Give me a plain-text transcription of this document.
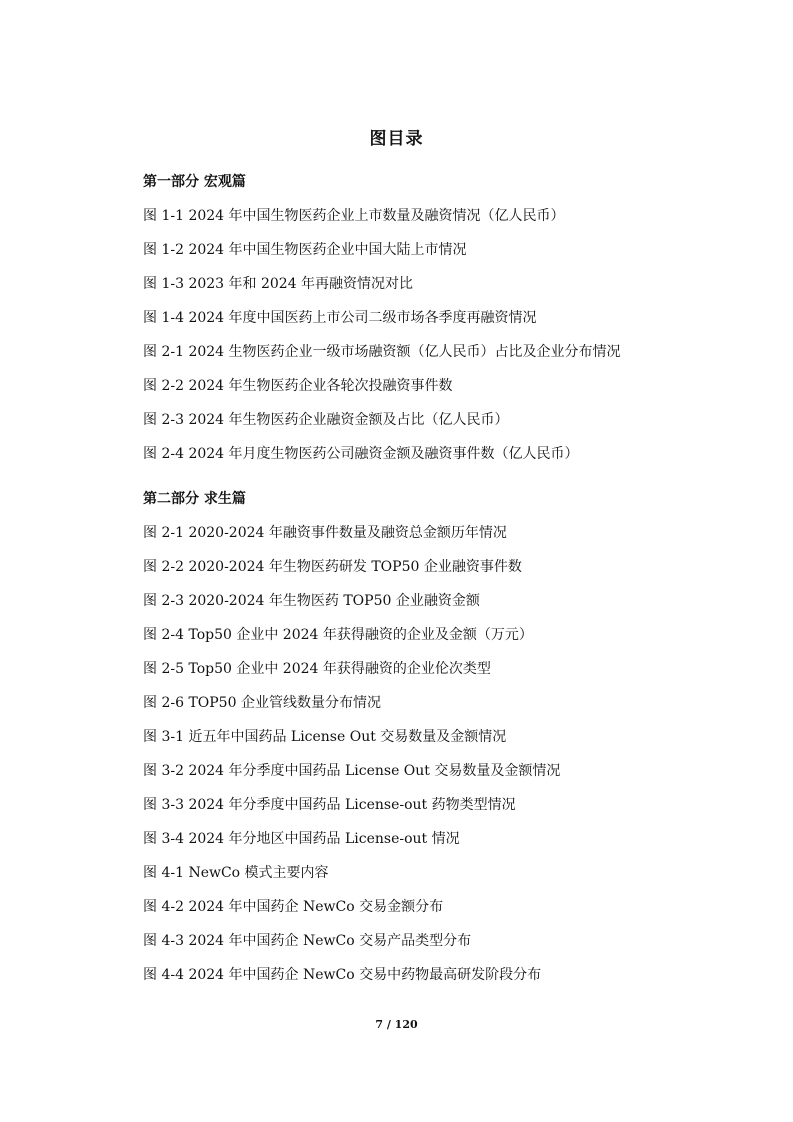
图目录
第一部分 宏观篇
图 1-1 2024 年中国生物医药企业上市数量及融资情况（亿人民币）
图 1-2 2024 年中国生物医药企业中国大陆上市情况
图 1-3 2023 年和 2024 年再融资情况对比
图 1-4 2024 年度中国医药上市公司二级市场各季度再融资情况
图 2-1 2024 生物医药企业一级市场融资额（亿人民币）占比及企业分布情况
图 2-2 2024 年生物医药企业各轮次投融资事件数
图 2-3 2024 年生物医药企业融资金额及占比（亿人民币）
图 2-4 2024 年月度生物医药公司融资金额及融资事件数（亿人民币）
第二部分 求生篇
图 2-1 2020-2024 年融资事件数量及融资总金额历年情况
图 2-2 2020-2024 年生物医药研发 TOP50 企业融资事件数
图 2-3 2020-2024 年生物医药 TOP50 企业融资金额
图 2-4 Top50 企业中 2024 年获得融资的企业及金额（万元）
图 2-5 Top50 企业中 2024 年获得融资的企业伦次类型
图 2-6 TOP50 企业管线数量分布情况
图 3-1 近五年中国药品 License Out 交易数量及金额情况
图 3-2 2024 年分季度中国药品 License Out 交易数量及金额情况
图 3-3 2024 年分季度中国药品 License-out 药物类型情况
图 3-4 2024 年分地区中国药品 License-out 情况
图 4-1 NewCo 模式主要内容
图 4-2 2024 年中国药企 NewCo 交易金额分布
图 4-3 2024 年中国药企 NewCo 交易产品类型分布
图 4-4 2024 年中国药企 NewCo 交易中药物最高研发阶段分布
7 / 120
